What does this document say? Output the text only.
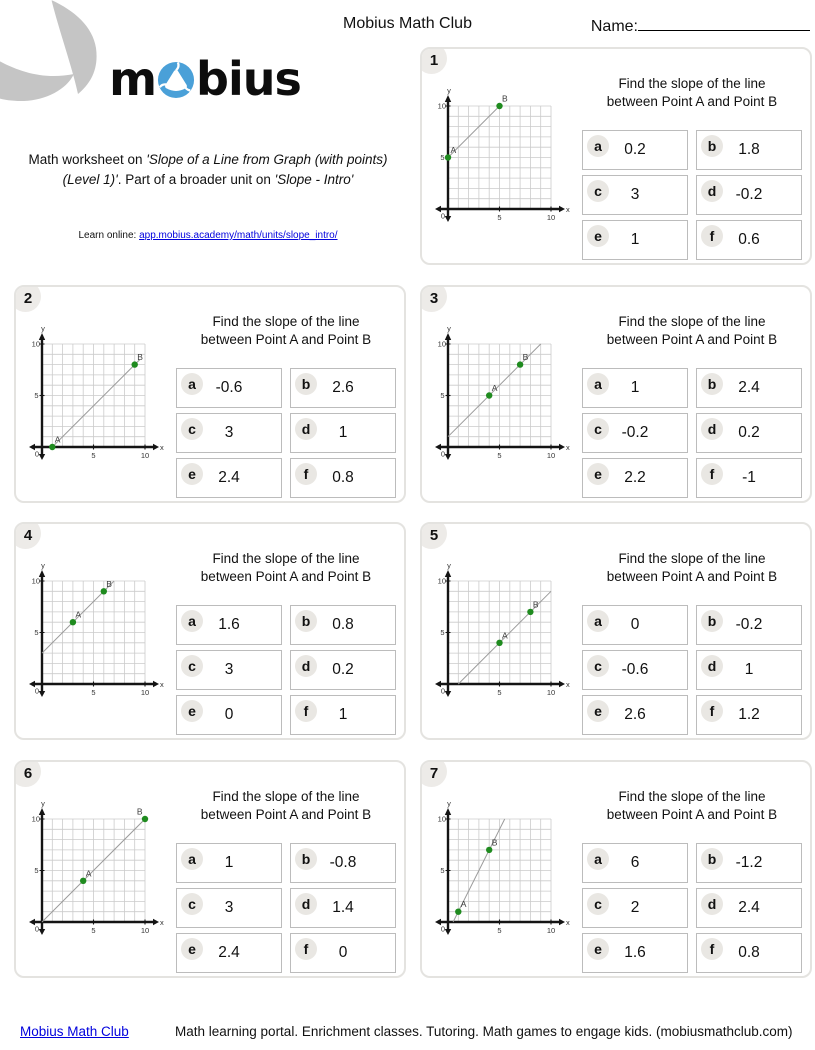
Mobius Math Club	Name:
m bius

Math worksheet on 'Slope of a Line from Graph (with points) (Level 1)'. Part of a broader unit on 'Slope - Intro'

Learn online: app.mobius.academy/math/units/slope_intro/

1
y
x
0	5	10
5
10
A
B
Find the slope of the line
between Point A and Point B
a	0.2	b	1.8
c	3	d	-0.2
e	1	f	0.6
2
y
x
0	5	10
5
10
A
B
Find the slope of the line
between Point A and Point B
a	-0.6	b	2.6
c	3	d	1
e	2.4	f	0.8
3
y
x
0	5	10
5
10
A
B
Find the slope of the line
between Point A and Point B
a	1	b	2.4
c	-0.2	d	0.2
e	2.2	f	-1
4
y
x
0	5	10
5
10
A
B
Find the slope of the line
between Point A and Point B
a	1.6	b	0.8
c	3	d	0.2
e	0	f	1
5
y
x
0	5	10
5
10
A
B
Find the slope of the line
between Point A and Point B
a	0	b	-0.2
c	-0.6	d	1
e	2.6	f	1.2
6
y
x
0	5	10
5
10
A
B
Find the slope of the line
between Point A and Point B
a	1	b	-0.8
c	3	d	1.4
e	2.4	f	0
7
y
x
0	5	10
5
10
A
B
Find the slope of the line
between Point A and Point B
a	6	b	-1.2
c	2	d	2.4
e	1.6	f	0.8
Mobius Math Club	Math learning portal. Enrichment classes. Tutoring. Math games to engage kids. (mobiusmathclub.com)
